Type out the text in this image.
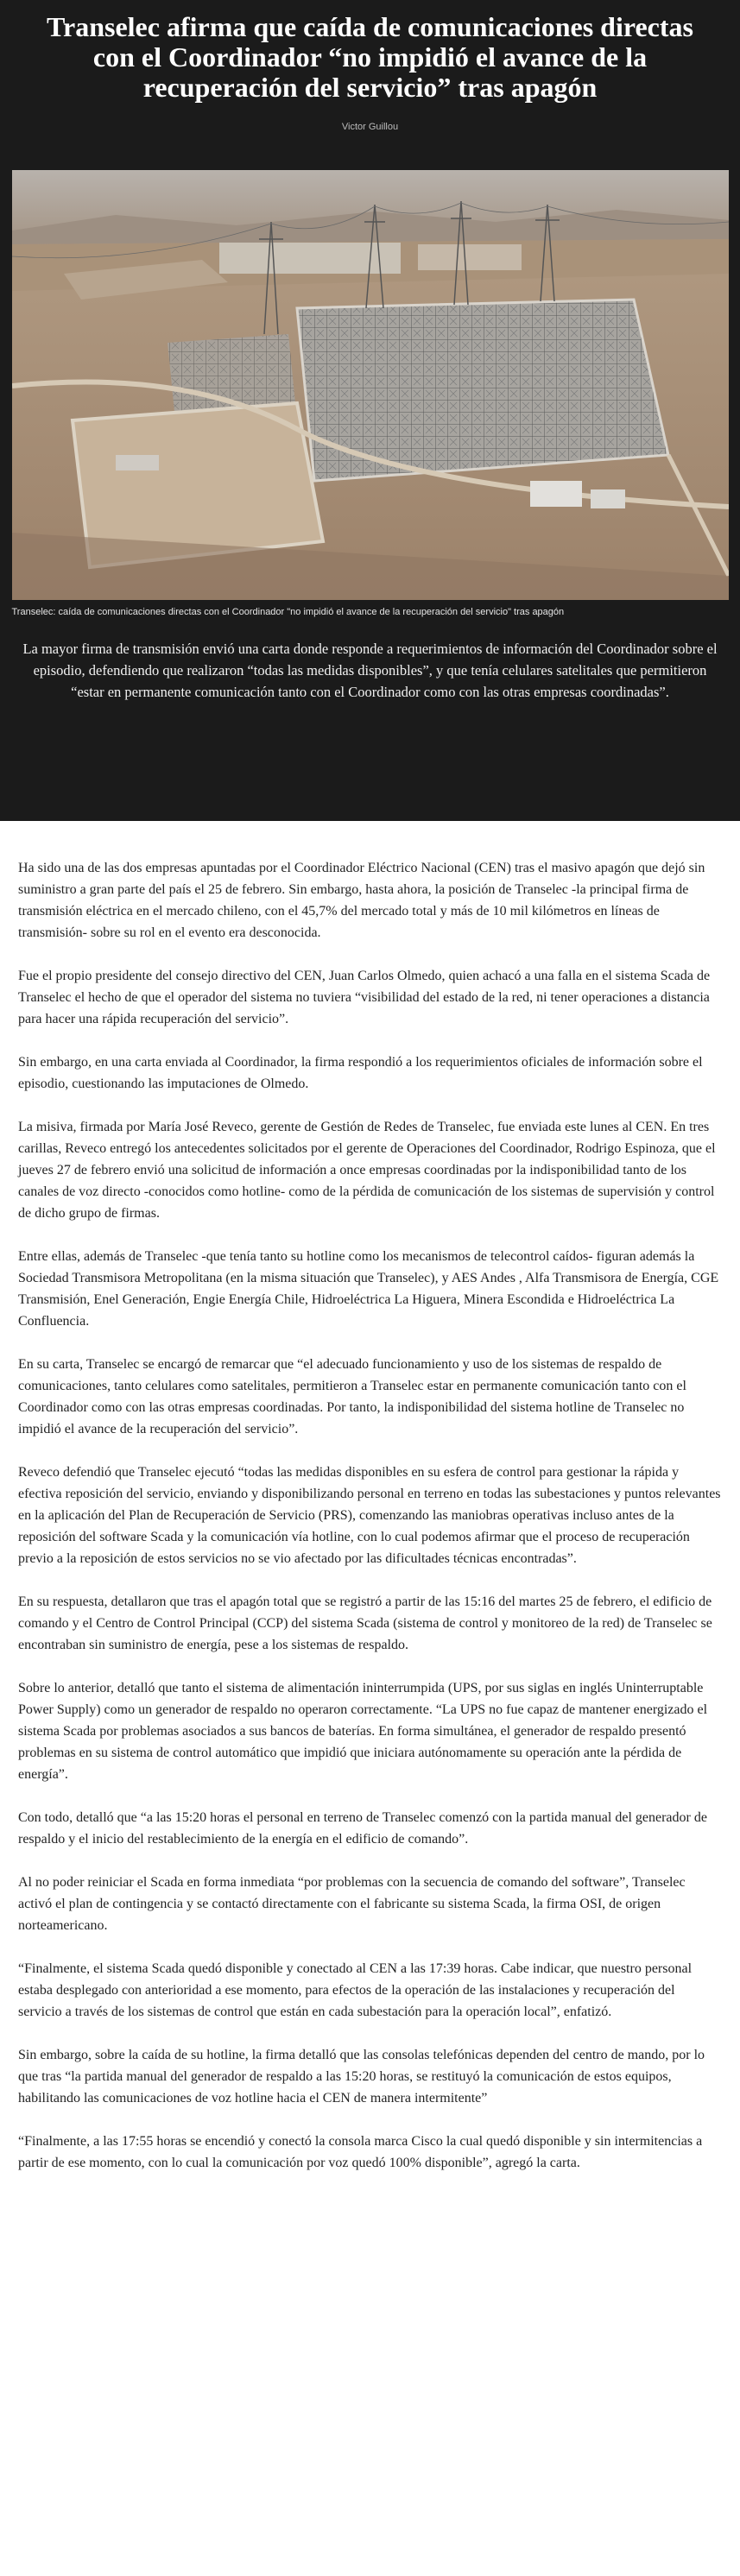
Transelec afirma que caída de comunicaciones directas con el Coordinador “no impidió el avance de la recuperación del servicio” tras apagón
Victor Guillou
Transelec: caída de comunicaciones directas con el Coordinador "no impidió el avance de la recuperación del servicio" tras apagón

La mayor firma de transmisión envió una carta donde responde a requerimientos de información del Coordinador sobre el episodio, defendiendo que realizaron “todas las medidas disponibles”, y que tenía celulares satelitales que permitieron “estar en permanente comunicación tanto con el Coordinador como con las otras empresas coordinadas”.

Ha sido una de las dos empresas apuntadas por el Coordinador Eléctrico Nacional (CEN) tras el masivo apagón que dejó sin suministro a gran parte del país el 25 de febrero. Sin embargo, hasta ahora, la posición de Transelec -la principal firma de transmisión eléctrica en el mercado chileno, con el 45,7% del mercado total y más de 10 mil kilómetros en líneas de transmisión- sobre su rol en el evento era desconocida.

Fue el propio presidente del consejo directivo del CEN, Juan Carlos Olmedo, quien achacó a una falla en el sistema Scada de Transelec el hecho de que el operador del sistema no tuviera “visibilidad del estado de la red, ni tener operaciones a distancia para hacer una rápida recuperación del servicio”.

Sin embargo, en una carta enviada al Coordinador, la firma respondió a los requerimientos oficiales de información sobre el episodio, cuestionando las imputaciones de Olmedo.

La misiva, firmada por María José Reveco, gerente de Gestión de Redes de Transelec, fue enviada este lunes al CEN. En tres carillas, Reveco entregó los antecedentes solicitados por el gerente de Operaciones del Coordinador, Rodrigo Espinoza, que el jueves 27 de febrero envió una solicitud de información a once empresas coordinadas por la indisponibilidad tanto de los canales de voz directo -conocidos como hotline- como de la pérdida de comunicación de los sistemas de supervisión y control de dicho grupo de firmas.

Entre ellas, además de Transelec -que tenía tanto su hotline como los mecanismos de telecontrol caídos- figuran además la Sociedad Transmisora Metropolitana (en la misma situación que Transelec), y AES Andes , Alfa Transmisora de Energía, CGE Transmisión, Enel Generación, Engie Energía Chile, Hidroeléctrica La Higuera, Minera Escondida e Hidroeléctrica La Confluencia.

En su carta, Transelec se encargó de remarcar que “el adecuado funcionamiento y uso de los sistemas de respaldo de comunicaciones, tanto celulares como satelitales, permitieron a Transelec estar en permanente comunicación tanto con el Coordinador como con las otras empresas coordinadas. Por tanto, la indisponibilidad del sistema hotline de Transelec no impidió el avance de la recuperación del servicio”.

Reveco defendió que Transelec ejecutó “todas las medidas disponibles en su esfera de control para gestionar la rápida y efectiva reposición del servicio, enviando y disponibilizando personal en terreno en todas las subestaciones y puntos relevantes en la aplicación del Plan de Recuperación de Servicio (PRS), comenzando las maniobras operativas incluso antes de la reposición del software Scada y la comunicación vía hotline, con lo cual podemos afirmar que el proceso de recuperación previo a la reposición de estos servicios no se vio afectado por las dificultades técnicas encontradas”.

En su respuesta, detallaron que tras el apagón total que se registró a partir de las 15:16 del martes 25 de febrero, el edificio de comando y el Centro de Control Principal (CCP) del sistema Scada (sistema de control y monitoreo de la red) de Transelec se encontraban sin suministro de energía, pese a los sistemas de respaldo.

Sobre lo anterior, detalló que tanto el sistema de alimentación ininterrumpida (UPS, por sus siglas en inglés Uninterruptable Power Supply) como un generador de respaldo no operaron correctamente. “La UPS no fue capaz de mantener energizado el sistema Scada por problemas asociados a sus bancos de baterías. En forma simultánea, el generador de respaldo presentó problemas en su sistema de control automático que impidió que iniciara autónomamente su operación ante la pérdida de energía”.

Con todo, detalló que “a las 15:20 horas el personal en terreno de Transelec comenzó con la partida manual del generador de respaldo y el inicio del restablecimiento de la energía en el edificio de comando”.

Al no poder reiniciar el Scada en forma inmediata “por problemas con la secuencia de comando del software”, Transelec activó el plan de contingencia y se contactó directamente con el fabricante su sistema Scada, la firma OSI, de origen norteamericano.

“Finalmente, el sistema Scada quedó disponible y conectado al CEN a las 17:39 horas. Cabe indicar, que nuestro personal estaba desplegado con anterioridad a ese momento, para efectos de la operación de las instalaciones y recuperación del servicio a través de los sistemas de control que están en cada subestación para la operación local”, enfatizó.

Sin embargo, sobre la caída de su hotline, la firma detalló que las consolas telefónicas dependen del centro de mando, por lo que tras “la partida manual del generador de respaldo a las 15:20 horas, se restituyó la comunicación de estos equipos, habilitando las comunicaciones de voz hotline hacia el CEN de manera intermitente”

“Finalmente, a las 17:55 horas se encendió y conectó la consola marca Cisco la cual quedó disponible y sin intermitencias a partir de ese momento, con lo cual la comunicación por voz quedó 100% disponible”, agregó la carta.
